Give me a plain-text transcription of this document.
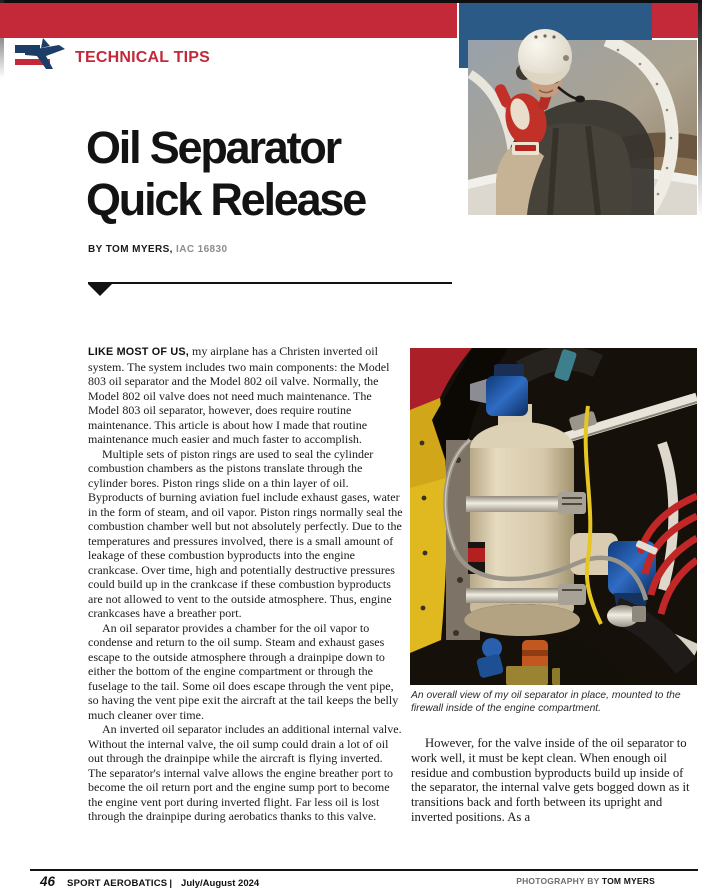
TECHNICAL TIPS
Oil Separator
Quick Release
BY TOM MYERS, IAC 16830

LIKE MOST OF US, my airplane has a Christen inverted oil system. The system includes two main components: the Model 803 oil separator and the Model 802 oil valve. Normally, the Model 802 oil valve does not need much maintenance. The Model 803 oil separator, however, does require routine maintenance. This article is about how I made that routine maintenance much easier and much faster to accomplish.

Multiple sets of piston rings are used to seal the cylinder combustion chambers as the pistons translate through the cylinder bores. Piston rings slide on a thin layer of oil. Byproducts of burning aviation fuel include exhaust gases, water in the form of steam, and oil vapor. Piston rings normally seal the combustion chamber well but not absolutely perfectly. Due to the temperatures and pressures involved, there is a small amount of leakage of these combustion byproducts into the engine crankcase. Over time, high and potentially destructive pressures could build up in the crankcase if these combustion byproducts are not allowed to vent to the outside atmosphere. Thus, engine crankcases have a breather port.

An oil separator provides a chamber for the oil vapor to condense and return to the oil sump. Steam and exhaust gases escape to the outside atmosphere through a drainpipe down to either the bottom of the engine compartment or through the fuselage to the tail. Some oil does escape through the vent pipe, so having the vent pipe exit the aircraft at the tail keeps the belly much cleaner over time.

An inverted oil separator includes an additional internal valve. Without the internal valve, the oil sump could drain a lot of oil out through the drainpipe while the aircraft is flying inverted. The separator's internal valve allows the engine breather port to become the oil return port and the engine sump port to become the engine vent port during inverted flight. Far less oil is lost through the drainpipe during aerobatics thanks to this valve.

An overall view of my oil separator in place, mounted to the firewall inside of the engine compartment.

However, for the valve inside of the oil separator to work well, it must be kept clean. When enough oil residue and combustion byproducts build up inside of the separator, the internal valve gets bogged down as it transitions back and forth between its upright and inverted positions. As a

46 SPORT AEROBATICS | July/August 2024	PHOTOGRAPHY BY TOM MYERS
